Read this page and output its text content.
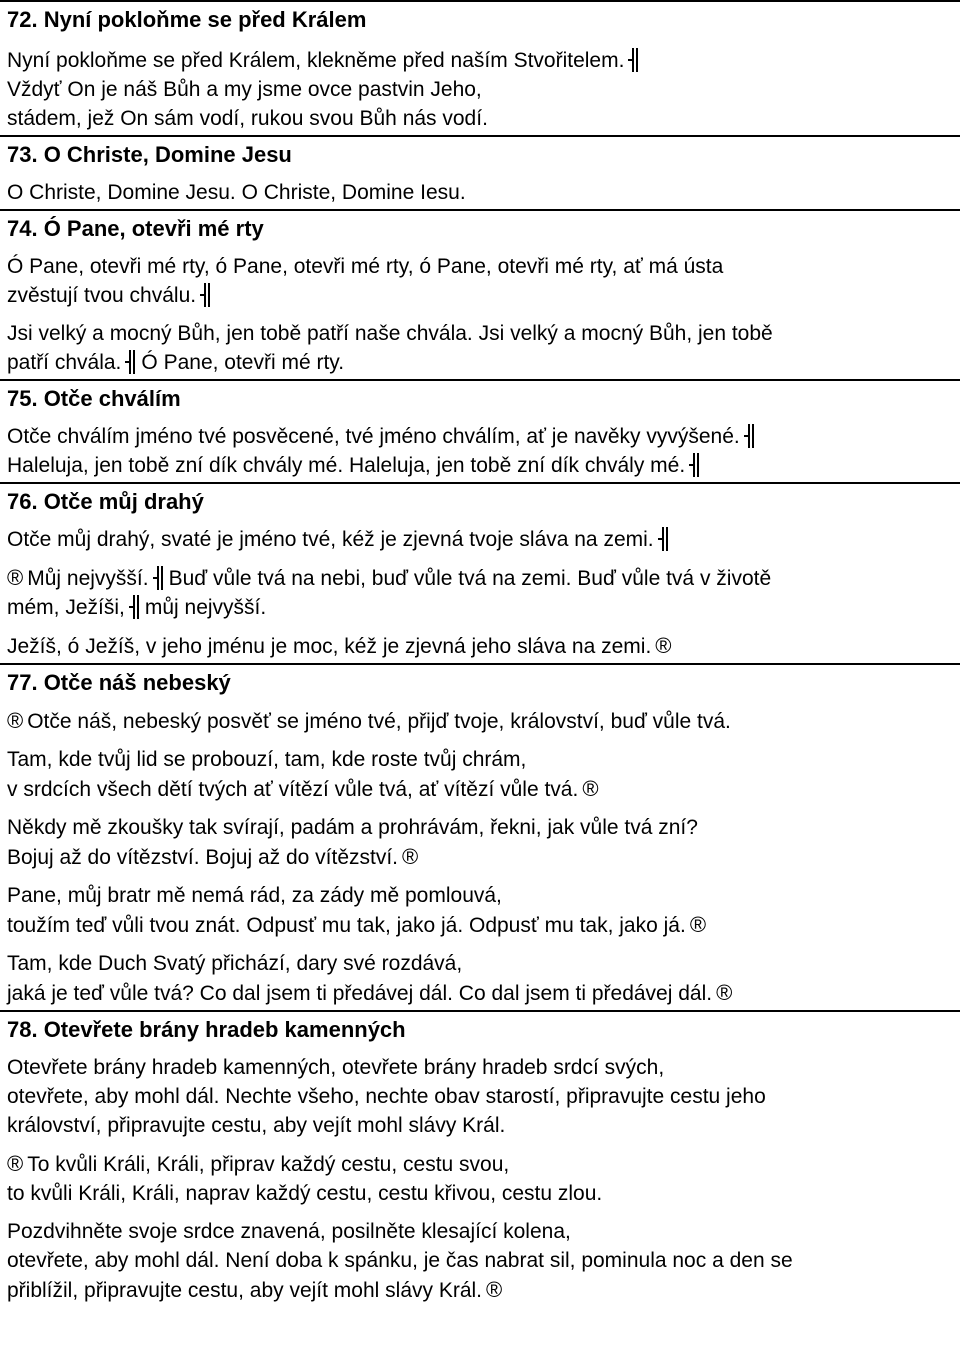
72. Nyní pokloňme se před Králem

Nyní pokloňme se před Králem, klekněme před naším Stvořitelem.
Vždyť On je náš Bůh a my jsme ovce pastvin Jeho,
stádem, jež On sám vodí, rukou svou Bůh nás vodí.

73. O Christe, Domine Jesu

O Christe, Domine Jesu. O Christe, Domine Iesu.

74. Ó Pane, otevři mé rty

Ó Pane, otevři mé rty, ó Pane, otevři mé rty, ó Pane, otevři mé rty, ať má ústa
zvěstují tvou chválu.

Jsi velký a mocný Bůh, jen tobě patří naše chvála. Jsi velký a mocný Bůh, jen tobě
patří chvála. Ó Pane, otevři mé rty.

75. Otče chválím

Otče chválím jméno tvé posvěcené, tvé jméno chválím, ať je navěky vyvýšené.
Haleluja, jen tobě zní dík chvály mé. Haleluja, jen tobě zní dík chvály mé.

76. Otče můj drahý

Otče můj drahý, svaté je jméno tvé, kéž je zjevná tvoje sláva na zemi.

® Můj nejvyšší. Buď vůle tvá na nebi, buď vůle tvá na zemi. Buď vůle tvá v životě
mém, Ježíši, můj nejvyšší.

Ježíš, ó Ježíš, v jeho jménu je moc, kéž je zjevná jeho sláva na zemi. ®

77. Otče náš nebeský

® Otče náš, nebeský posvěť se jméno tvé, přijď tvoje, království, buď vůle tvá.

Tam, kde tvůj lid se probouzí, tam, kde roste tvůj chrám,
v srdcích všech dětí tvých ať vítězí vůle tvá, ať vítězí vůle tvá. ®

Někdy mě zkoušky tak svírají, padám a prohrávám, řekni, jak vůle tvá zní?
Bojuj až do vítězství. Bojuj až do vítězství. ®

Pane, můj bratr mě nemá rád, za zády mě pomlouvá,
toužím teď vůli tvou znát. Odpusť mu tak, jako já. Odpusť mu tak, jako já. ®

Tam, kde Duch Svatý přichází, dary své rozdává,
jaká je teď vůle tvá? Co dal jsem ti předávej dál. Co dal jsem ti předávej dál. ®

78. Otevřete brány hradeb kamenných

Otevřete brány hradeb kamenných, otevřete brány hradeb srdcí svých,
otevřete, aby mohl dál. Nechte všeho, nechte obav starostí, připravujte cestu jeho
království, připravujte cestu, aby vejít mohl slávy Král.

® To kvůli Králi, Králi, připrav každý cestu, cestu svou,
to kvůli Králi, Králi, naprav každý cestu, cestu křivou, cestu zlou.

Pozdvihněte svoje srdce znavená, posilněte klesající kolena,
otevřete, aby mohl dál. Není doba k spánku, je čas nabrat sil, pominula noc a den se
přiblížil, připravujte cestu, aby vejít mohl slávy Král. ®
